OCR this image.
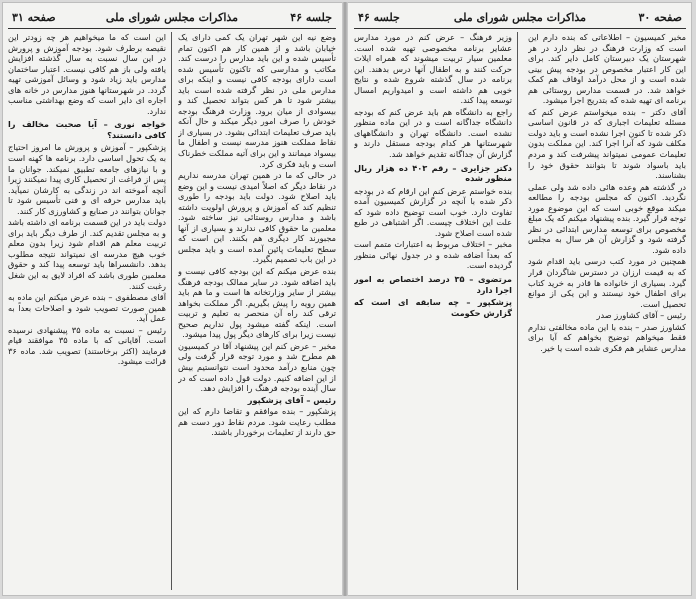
صفحه ۳۱	مذاکرات مجلس شورای ملی	جلسه ۴۶

وضع نیه این شهر تهران یک کمی دارای یک خیابان باشد و از همین کار هم اکنون تمام تأسیس شده و این باید مدارس را درست کند. مکاتب و مدارسی که تاکنون تأسیس شده است دارای بودجه کافی نیست و اینکه برای مدارس ملی در نظر گرفته شده است باید بیشتر شود تا هر کس بتواند تحصیل کند و بیسوادی از میان برود. وزارت فرهنگ بودجه خودش را صرف امور دیگر میکند و حال آنکه باید صرف تعلیمات ابتدائی بشود. در بسیاری از نقاط مملکت هنوز مدرسه نیست و اطفال ما بیسواد میمانند و این برای آتیه مملکت خطرناک است و باید فکری کرد.

در حالی که ما در همین تهران مدرسه نداریم در نقاط دیگر که اصلاً امیدی نیست و این وضع باید اصلاح شود. دولت باید بودجه را طوری تنظیم کند که آموزش و پرورش اولویت داشته باشد و مدارس روستائی نیز ساخته شود. معلمین ما حقوق کافی ندارند و بسیاری از آنها مجبورند کار دیگری هم بکنند. این است که سطح تعلیمات پائین آمده است و باید مجلس در این باب تصمیم بگیرد.

بنده عرض میکنم که این بودجه کافی نیست و باید اضافه شود. در سایر ممالک بودجه فرهنگ بیشتر از سایر وزارتخانه ها است و ما هم باید همین رویه را پیش بگیریم. اگر مملکت بخواهد ترقی کند راه آن منحصر به تعلیم و تربیت است. اینکه گفته میشود پول نداریم صحیح نیست زیرا برای کارهای دیگر پول پیدا میشود.

مخبر – عرض کنم این پیشنهاد آقا در کمیسیون هم مطرح شد و مورد توجه قرار گرفت ولی چون منابع درآمد محدود است نتوانستیم بیش از این اضافه کنیم. دولت قول داده است که در سال آینده بودجه فرهنگ را افزایش دهد.

رئیس – آقای پزشکپور

پزشکپور – بنده موافقم و تقاضا دارم که این مطلب رعایت شود. مردم نقاط دور دست هم حق دارند از تعلیمات برخوردار باشند.

این است که ما میخواهیم هر چه زودتر این نقیصه برطرف شود. بودجه آموزش و پرورش در این سال نسبت به سال گذشته افزایش یافته ولی باز هم کافی نیست. اعتبار ساختمان مدارس باید زیاد شود و وسائل آموزشی تهیه گردد. در شهرستانها هنوز مدارس در خانه های اجاره ای دایر است که وضع بهداشتی مناسب ندارد.

خواجه نوری – آیا صحبت مخالف را کافی دانستند؟

پزشکپور – آموزش و پرورش ما امروز احتیاج به یک تحول اساسی دارد. برنامه ها کهنه است و با نیازهای جامعه تطبیق نمیکند. جوانان ما پس از فراغت از تحصیل کاری پیدا نمیکنند زیرا آنچه آموخته اند در زندگی به کارشان نمیآید. باید مدارس حرفه ای و فنی تأسیس شود تا جوانان بتوانند در صنایع و کشاورزی کار کنند.

دولت باید در این قسمت برنامه ای داشته باشد و به مجلس تقدیم کند. از طرف دیگر باید برای تربیت معلم هم اقدام شود زیرا بدون معلم خوب هیچ مدرسه ای نمیتواند نتیجه مطلوب بدهد. دانشسراها باید توسعه پیدا کند و حقوق معلمین طوری باشد که افراد لایق به این شغل رغبت کنند.

آقای مصطفوی – بنده عرض میکنم این ماده به همین صورت تصویب شود و اصلاحات بعداً به عمل آید.

رئیس – نسبت به ماده ۳۵ پیشنهادی نرسیده است. آقایانی که با ماده ۳۵ موافقند قیام فرمایند (اکثر برخاستند) تصویب شد. ماده ۳۶ قرائت میشود.

صفحه ۳۰
مذاکرات مجلس شورای ملی
جلسه ۴۶

مخبر کمیسیون – اطلاعاتی که بنده دارم این است که وزارت فرهنگ در نظر دارد در هر شهرستان یک دبیرستان کامل دایر کند. برای این کار اعتبار مخصوص در بودجه پیش بینی شده است و از محل درآمد اوقاف هم کمک خواهد شد. در قسمت مدارس روستائی هم برنامه ای تهیه شده که بتدریج اجرا میشود.

آقای دکتر – بنده میخواستم عرض کنم که مسئله تعلیمات اجباری که در قانون اساسی ذکر شده تا کنون اجرا نشده است و باید دولت مکلف شود که آنرا اجرا کند. این مملکت بدون تعلیمات عمومی نمیتواند پیشرفت کند و مردم باید باسواد شوند تا بتوانند حقوق خود را بشناسند.

در گذشته هم وعده هائی داده شد ولی عملی نگردید. اکنون که مجلس بودجه را مطالعه میکند موقع خوبی است که این موضوع مورد توجه قرار گیرد. بنده پیشنهاد میکنم که یک مبلغ مخصوص برای توسعه مدارس ابتدائی در نظر گرفته شود و گزارش آن هر سال به مجلس داده شود.

همچنین در مورد کتب درسی باید اقدام شود که به قیمت ارزان در دسترس شاگردان قرار گیرد. بسیاری از خانواده ها قادر به خرید کتاب برای اطفال خود نیستند و این یکی از موانع تحصیل است.

رئیس – آقای کشاورز صدر

کشاورز صدر – بنده با این ماده مخالفتی ندارم فقط میخواهم توضیح بخواهم که آیا برای مدارس عشایر هم فکری شده است یا خیر.

وزیر فرهنگ – عرض کنم در مورد مدارس عشایر برنامه مخصوصی تهیه شده است. معلمین سیار تربیت میشوند که همراه ایلات حرکت کنند و به اطفال آنها درس بدهند. این برنامه در سال گذشته شروع شده و نتایج خوبی هم داشته است و امیدواریم امسال توسعه پیدا کند.

راجع به دانشگاه هم باید عرض کنم که بودجه دانشگاه جداگانه است و در این ماده منظور نشده است. دانشگاه تهران و دانشگاههای شهرستانها هر کدام بودجه مستقل دارند و گزارش آن جداگانه تقدیم خواهد شد.

دکتر جزایری – رقم ۴۰۳ ده هزار ریال منظور شده

بنده خواستم عرض کنم این ارقام که در بودجه ذکر شده با آنچه در گزارش کمیسیون آمده تفاوت دارد. خوب است توضیح داده شود که علت این اختلاف چیست. اگر اشتباهی در طبع شده است اصلاح شود.

مخبر – اختلاف مربوط به اعتبارات متمم است که بعداً اضافه شده و در جدول نهائی منظور گردیده است.

مرتضوی – ۳۵ درصد اختصاص به امور اجرا دارد

پزشکپور – چه سابقه ای است که گزارش حکومت
